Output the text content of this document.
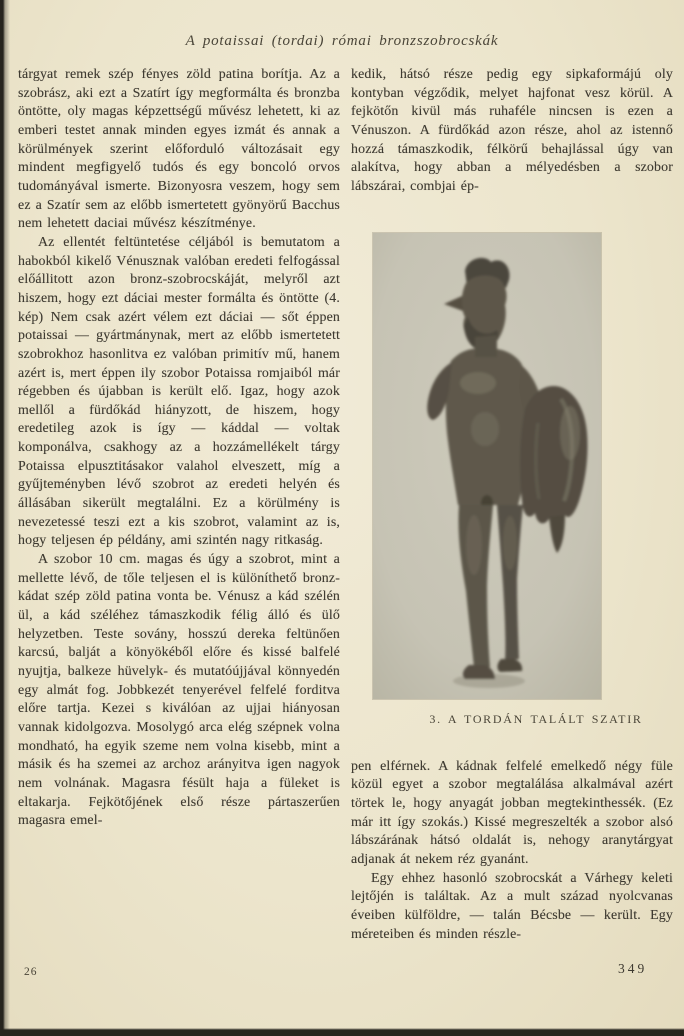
A potaissai (tordai) római bronzszobrocskák

tárgyat remek szép fényes zöld patina borítja. Az a szobrász, aki ezt a Szatírt így megformálta és bronzba öntötte, oly magas képzettségű művész lehetett, ki az emberi testet annak minden egyes izmát és annak a körülmények szerint előforduló változásait egy mindent megfigyelő tudós és egy boncoló orvos tudományával ismerte. Bizonyosra veszem, hogy sem ez a Szatír sem az előbb ismertetett gyönyörű Bacchus nem lehetett daciai művész készítménye.

Az ellentét feltüntetése céljából is bemutatom a habokból kikelő Vénusznak valóban eredeti felfogással előállitott azon bronz-szobrocskáját, melyről azt hiszem, hogy ezt dáciai mester formálta és öntötte (4. kép) Nem csak azért vélem ezt dáciai — sőt éppen potaissai — gyártmánynak, mert az előbb ismertetett szobrokhoz hasonlitva ez valóban primitív mű, hanem azért is, mert éppen ily szobor Potaissa romjaiból már régebben és újabban is került elő. Igaz, hogy azok mellől a fürdőkád hiányzott, de hiszem, hogy eredetileg azok is így — káddal — voltak komponálva, csakhogy az a hozzámellékelt tárgy Potaissa elpusztitásakor valahol elveszett, míg a gyűjteményben lévő szobrot az eredeti helyén és állásában sikerült megtalálni. Ez a körülmény is nevezetessé teszi ezt a kis szobrot, valamint az is, hogy teljesen ép példány, ami szintén nagy ritkaság.

A szobor 10 cm. magas és úgy a szobrot, mint a mellette lévő, de tőle teljesen el is különíthető bronz-kádat szép zöld patina vonta be. Vénusz a kád szélén ül, a kád széléhez támaszkodik félig álló és ülő helyzetben. Teste sovány, hosszú dereka feltünően karcsú, balját a könyökéből előre és kissé balfelé nyujtja, balkeze hüvelyk- és mutatóújjával könnyedén egy almát fog. Jobbkezét tenyerével felfelé forditva előre tartja. Kezei s kiválóan az ujjai hiányosan vannak kidolgozva. Mosolygó arca elég szépnek volna mondható, ha egyik szeme nem volna kisebb, mint a másik és ha szemei az archoz arányitva igen nagyok nem volnának. Magasra fésült haja a füleket is eltakarja. Fejkötőjének első része pártaszerűen magasra emel-

kedik, hátsó része pedig egy sipkaformájú oly kontyban végződik, melyet hajfonat vesz körül. A fejkötőn kivül más ruhaféle nincsen is ezen a Vénuszon. A fürdőkád azon része, ahol az istennő hozzá támaszkodik, félkörű behajlással úgy van alakítva, hogy abban a mélyedésben a szobor lábszárai, combjai ép-

3. A TORDÁN TALÁLT SZATIR

pen elférnek. A kádnak felfelé emelkedő négy füle közül egyet a szobor megtalálása alkalmával azért törtek le, hogy anyagát jobban megtekinthessék. (Ez már itt így szokás.) Kissé megreszelték a szobor alsó lábszárának hátsó oldalát is, nehogy aranytárgyat adjanak át nekem réz gyanánt.

Egy ehhez hasonló szobrocskát a Várhegy keleti lejtőjén is találtak. Az a mult század nyolcvanas éveiben külföldre, — talán Bécsbe — került. Egy méreteiben és minden részle-

26	349
